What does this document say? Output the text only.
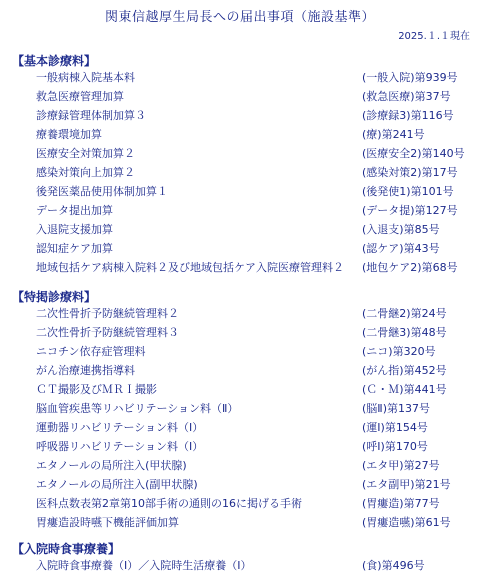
関東信越厚生局長への届出事項（施設基準）
2025.１.１現在
【基本診療料】
一般病棟入院基本料	(一般入院)第939号
救急医療管理加算	(救急医療)第37号
診療録管理体制加算３	(診療録3)第116号
療養環境加算	(療)第241号
医療安全対策加算２	(医療安全2)第140号
感染対策向上加算２	(感染対策2)第17号
後発医薬品使用体制加算１	(後発使1)第101号
データ提出加算	(データ提)第127号
入退院支援加算	(入退支)第85号
認知症ケア加算	(認ケア)第43号
地域包括ケア病棟入院料２及び地域包括ケア入院医療管理料２ (地包ケア2)第68号
【特掲診療料】
二次性骨折予防継続管理料２	(二骨継2)第24号
二次性骨折予防継続管理料３	(二骨継3)第48号
ニコチン依存症管理料	(ニコ)第320号
がん治療連携指導料	(がん指)第452号
ＣＴ撮影及びＭＲＩ撮影	(Ｃ・Ｍ)第441号
脳血管疾患等リハビリテーション料（Ⅱ）	(脳Ⅱ)第137号
運動器リハビリテーション料（Ⅰ）	(運Ⅰ)第154号
呼吸器リハビリテーション料（Ⅰ）	(呼Ⅰ)第170号
エタノールの局所注入(甲状腺)	(エタ甲)第27号
エタノールの局所注入(副甲状腺)	(エタ副甲)第21号
医科点数表第2章第10部手術の通則の16に掲げる手術	(胃瘻造)第77号
胃瘻造設時嚥下機能評価加算	(胃瘻造嚥)第61号
【入院時食事療養】
入院時食事療養（Ⅰ）／入院時生活療養（Ⅰ）	(食)第496号
